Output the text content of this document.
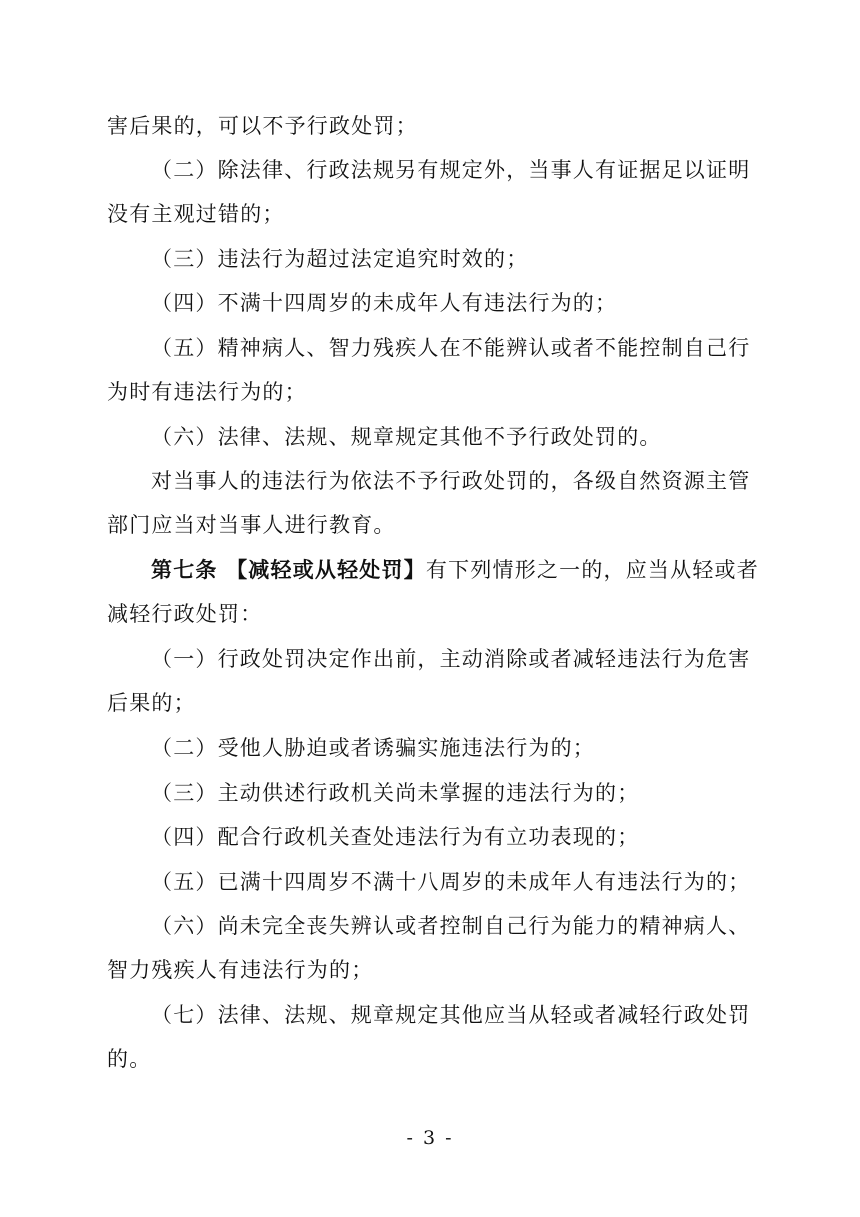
害后果的，可以不予行政处罚；

（二）除法律、行政法规另有规定外，当事人有证据足以证明没有主观过错的；

（三）违法行为超过法定追究时效的；

（四）不满十四周岁的未成年人有违法行为的；

（五）精神病人、智力残疾人在不能辨认或者不能控制自己行为时有违法行为的；

（六）法律、法规、规章规定其他不予行政处罚的。

对当事人的违法行为依法不予行政处罚的，各级自然资源主管部门应当对当事人进行教育。

第七条 【减轻或从轻处罚】有下列情形之一的，应当从轻或者减轻行政处罚：

（一）行政处罚决定作出前，主动消除或者减轻违法行为危害后果的；

（二）受他人胁迫或者诱骗实施违法行为的；

（三）主动供述行政机关尚未掌握的违法行为的；

（四）配合行政机关查处违法行为有立功表现的；

（五）已满十四周岁不满十八周岁的未成年人有违法行为的；

（六）尚未完全丧失辨认或者控制自己行为能力的精神病人、智力残疾人有违法行为的；

（七）法律、法规、规章规定其他应当从轻或者减轻行政处罚的。

- 3 -
